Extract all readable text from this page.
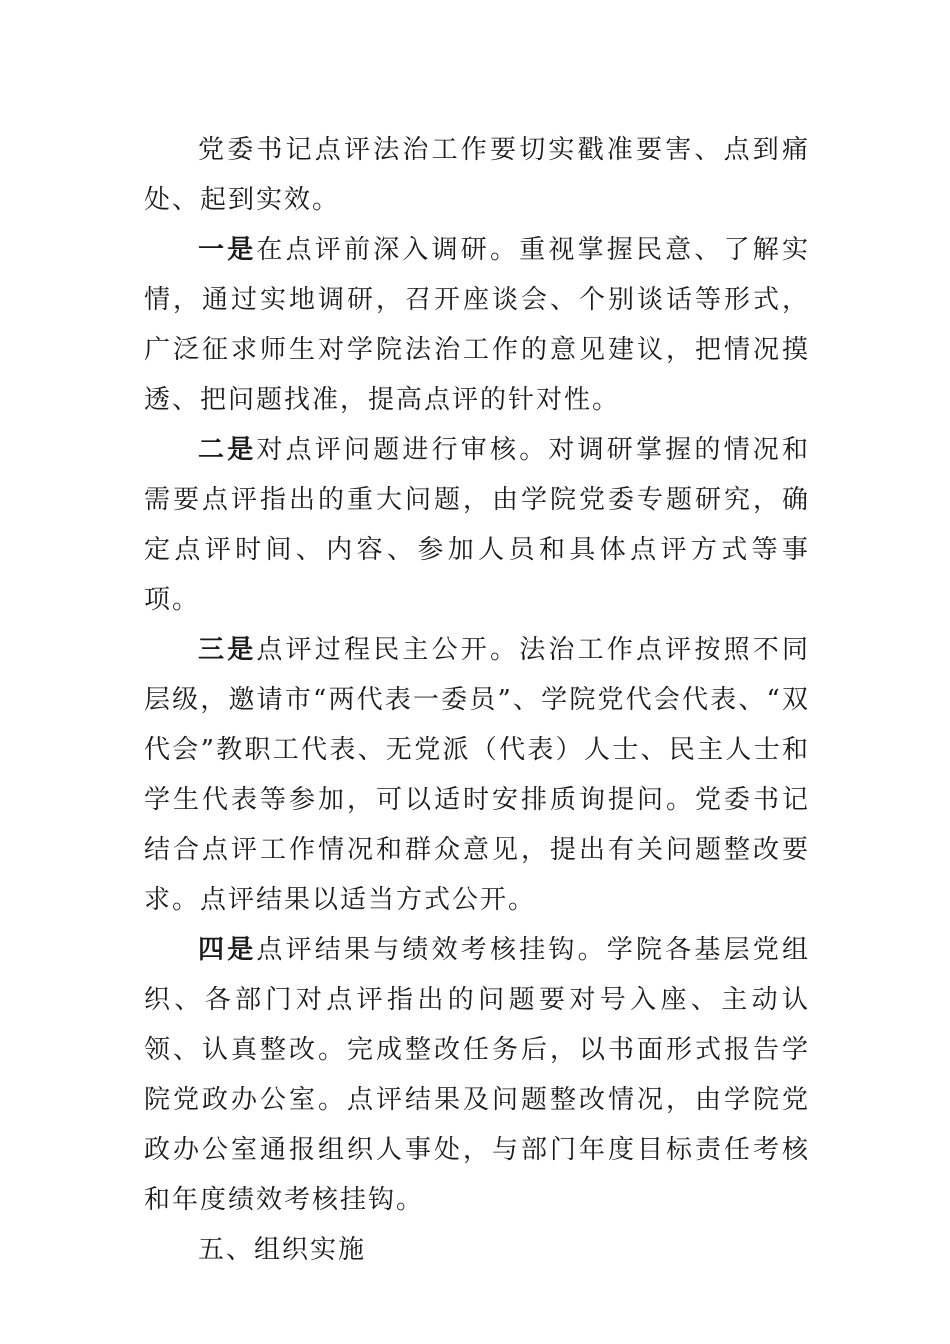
党委书记点评法治工作要切实戳准要害、点到痛处、起到实效。

一是在点评前深入调研。重视掌握民意、了解实情，通过实地调研，召开座谈会、个别谈话等形式，广泛征求师生对学院法治工作的意见建议，把情况摸透、把问题找准，提高点评的针对性。

二是对点评问题进行审核。对调研掌握的情况和需要点评指出的重大问题，由学院党委专题研究，确定点评时间、内容、参加人员和具体点评方式等事项。

三是点评过程民主公开。法治工作点评按照不同层级，邀请市“两代表一委员”、学院党代会代表、“双代会”教职工代表、无党派（代表）人士、民主人士和学生代表等参加，可以适时安排质询提问。党委书记结合点评工作情况和群众意见，提出有关问题整改要求。点评结果以适当方式公开。

四是点评结果与绩效考核挂钩。学院各基层党组织、各部门对点评指出的问题要对号入座、主动认领、认真整改。完成整改任务后，以书面形式报告学院党政办公室。点评结果及问题整改情况，由学院党政办公室通报组织人事处，与部门年度目标责任考核和年度绩效考核挂钩。

五、组织实施
